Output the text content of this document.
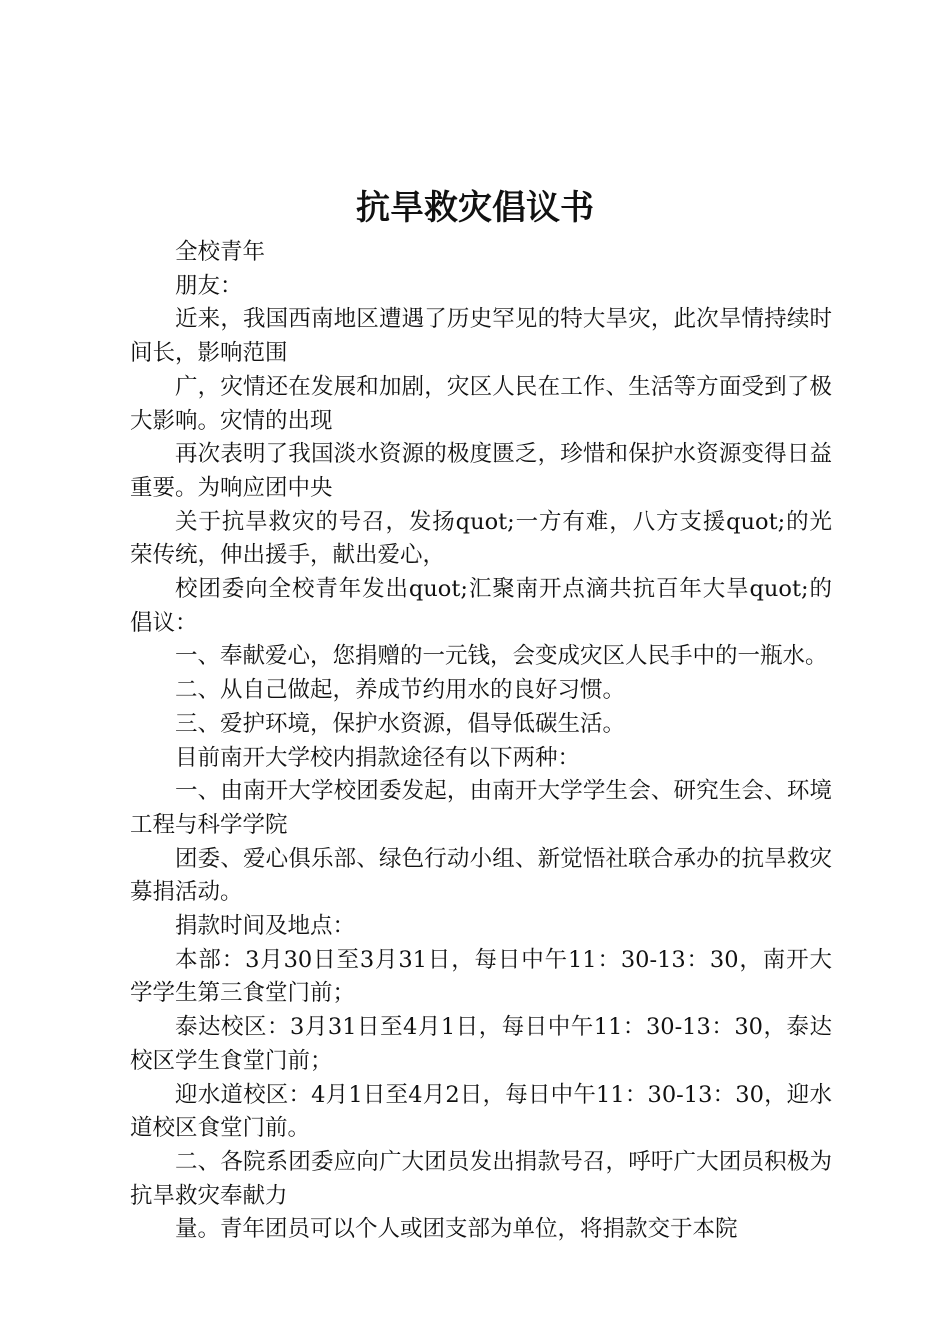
抗旱救灾倡议书

全校青年

朋友：

近来，我国西南地区遭遇了历史罕见的特大旱灾，此次旱情持续时间长，影响范围

广，灾情还在发展和加剧，灾区人民在工作、生活等方面受到了极大影响。灾情的出现

再次表明了我国淡水资源的极度匮乏，珍惜和保护水资源变得日益重要。为响应团中央

关于抗旱救灾的号召，发扬quot;一方有难，八方支援quot;的光荣传统，伸出援手，献出爱心，

校团委向全校青年发出quot;汇聚南开点滴共抗百年大旱quot;的倡议：

一、奉献爱心，您捐赠的一元钱，会变成灾区人民手中的一瓶水。

二、从自己做起，养成节约用水的良好习惯。

三、爱护环境，保护水资源，倡导低碳生活。

目前南开大学校内捐款途径有以下两种：

一、由南开大学校团委发起，由南开大学学生会、研究生会、环境工程与科学学院

团委、爱心俱乐部、绿色行动小组、新觉悟社联合承办的抗旱救灾募捐活动。

捐款时间及地点：

本部：3月30日至3月31日，每日中午11：30-13：30，南开大学学生第三食堂门前；

泰达校区：3月31日至4月1日，每日中午11：30-13：30，泰达校区学生食堂门前；

迎水道校区：4月1日至4月2日，每日中午11：30-13：30，迎水道校区食堂门前。

二、各院系团委应向广大团员发出捐款号召，呼吁广大团员积极为抗旱救灾奉献力

量。青年团员可以个人或团支部为单位，将捐款交于本院
